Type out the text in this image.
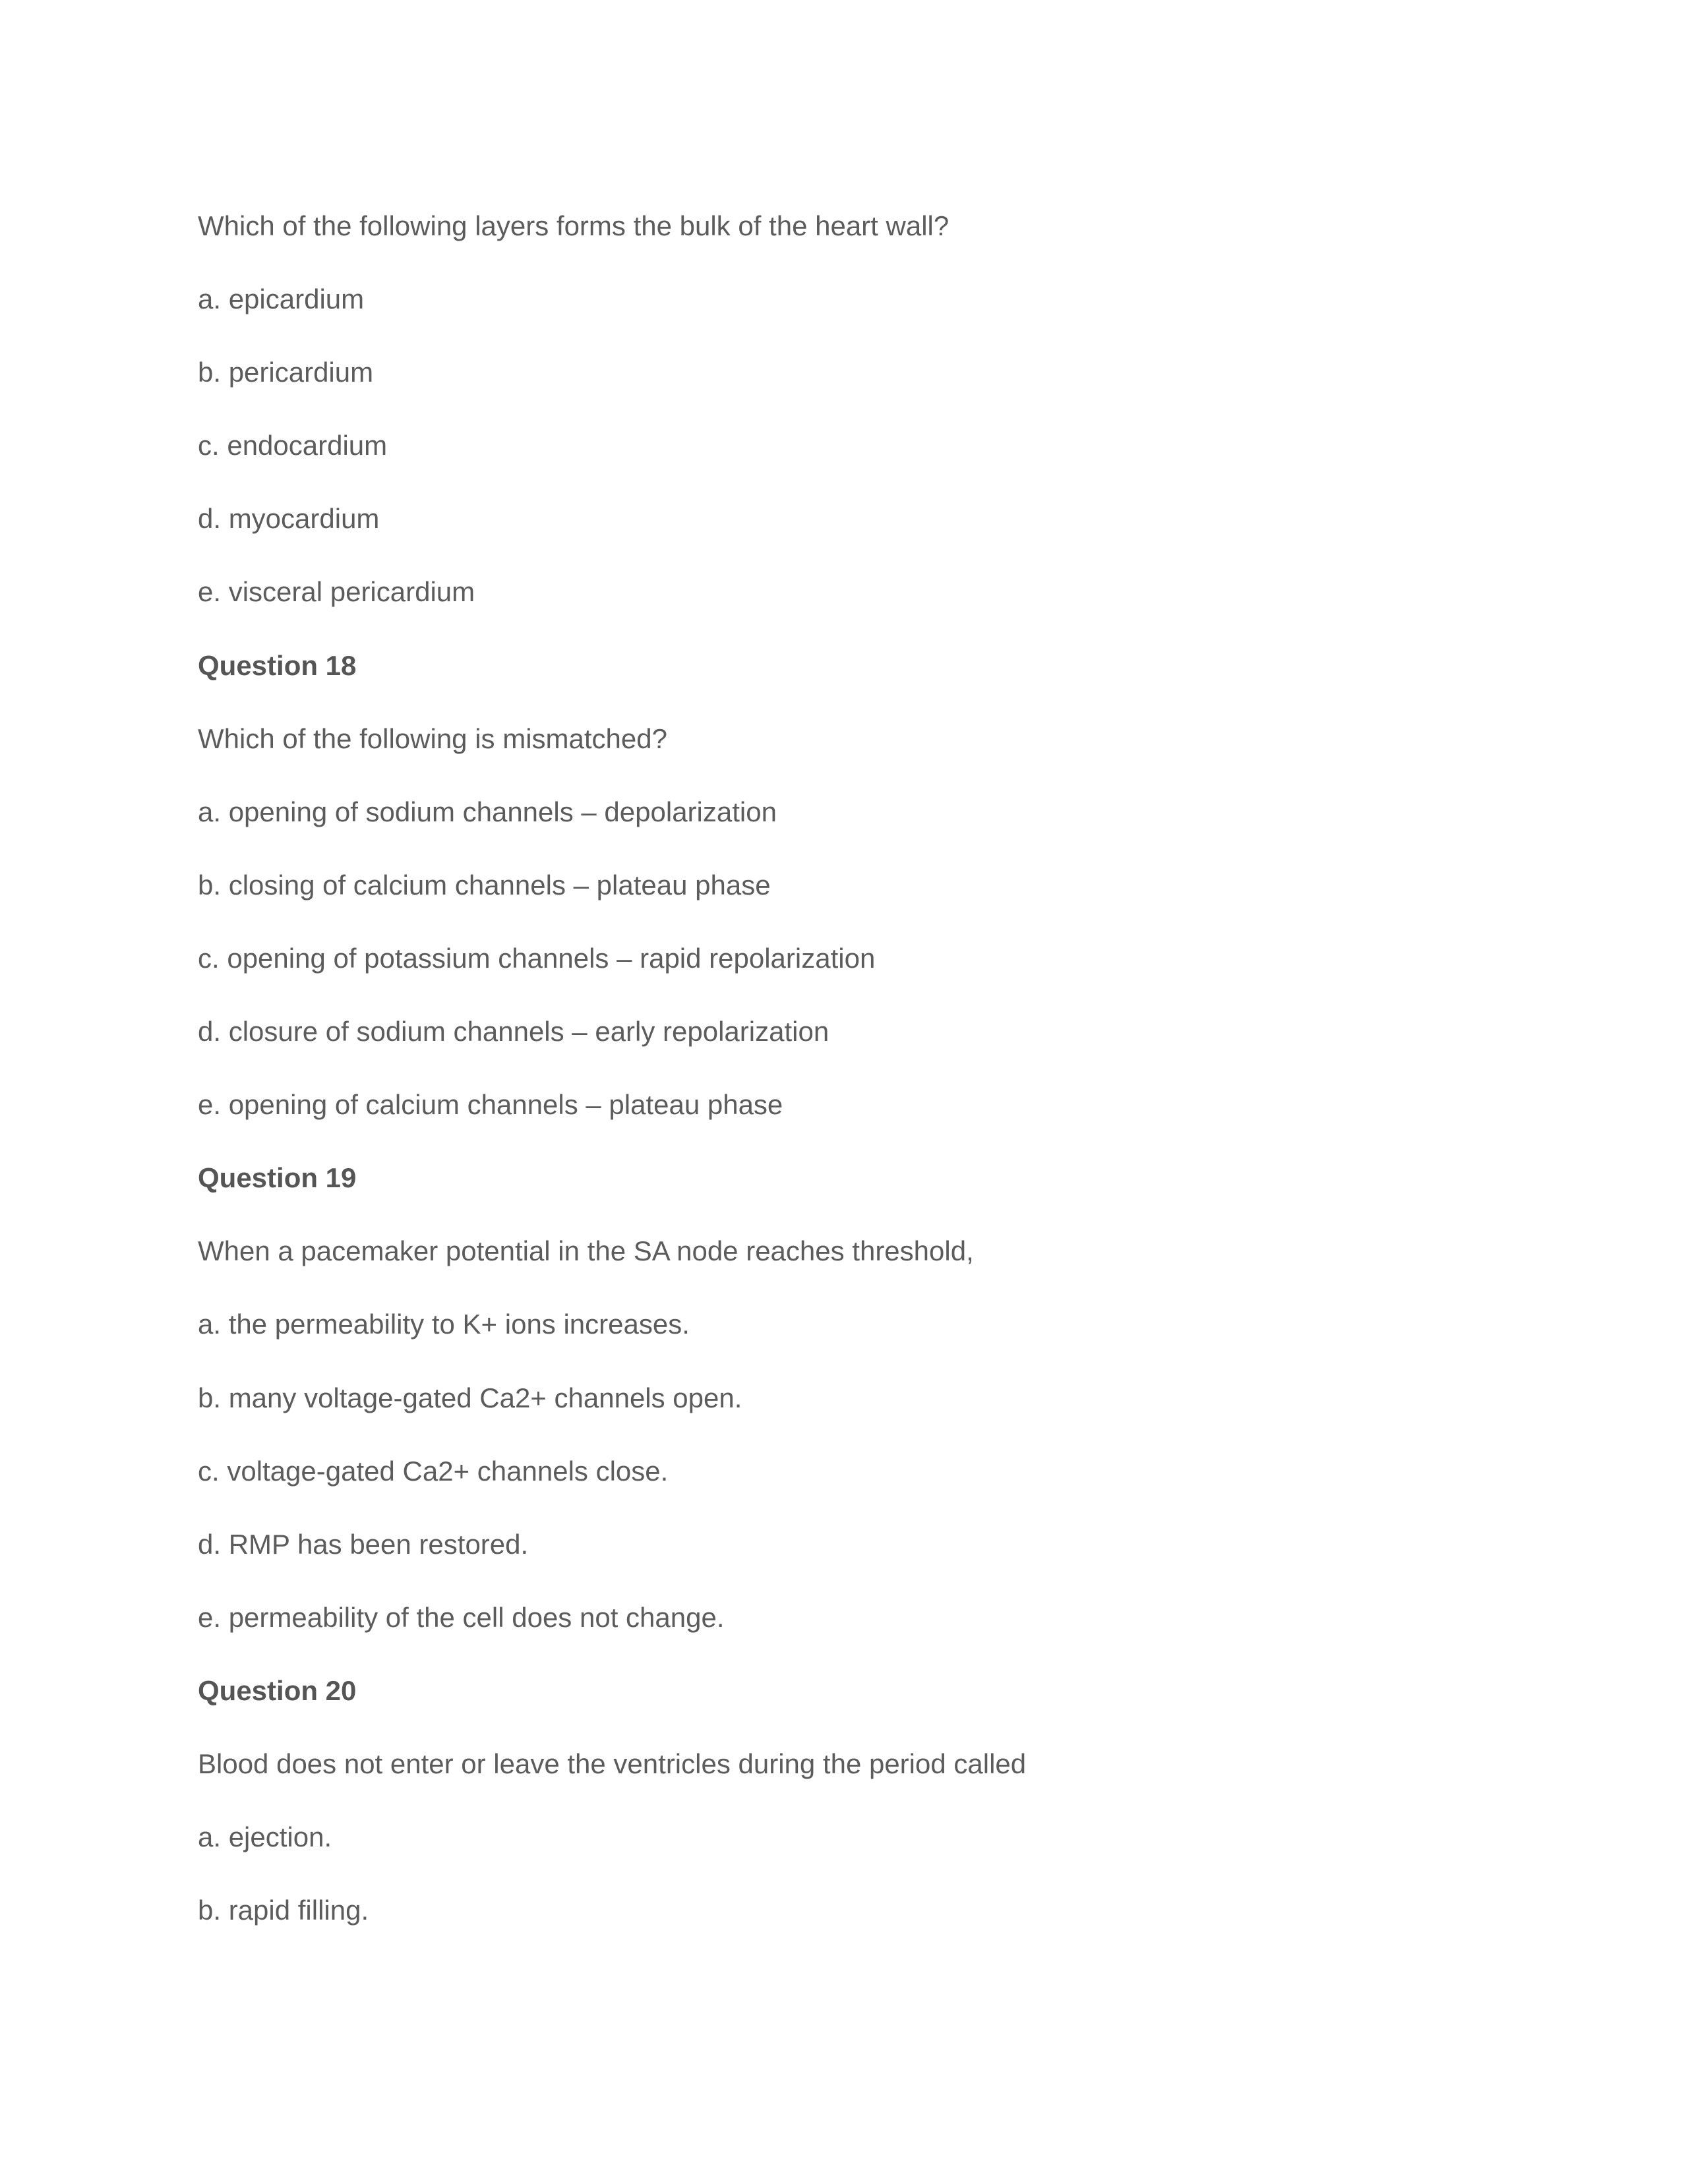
Which of the following layers forms the bulk of the heart wall?
a. epicardium
b. pericardium
c. endocardium
d. myocardium
e. visceral pericardium
Question 18
Which of the following is mismatched?
a. opening of sodium channels – depolarization
b. closing of calcium channels – plateau phase
c. opening of potassium channels – rapid repolarization
d. closure of sodium channels – early repolarization
e. opening of calcium channels – plateau phase
Question 19
When a pacemaker potential in the SA node reaches threshold,
a. the permeability to K+ ions increases.
b. many voltage-gated Ca2+ channels open.
c. voltage-gated Ca2+ channels close.
d. RMP has been restored.
e. permeability of the cell does not change.
Question 20
Blood does not enter or leave the ventricles during the period called
a. ejection.
b. rapid filling.
